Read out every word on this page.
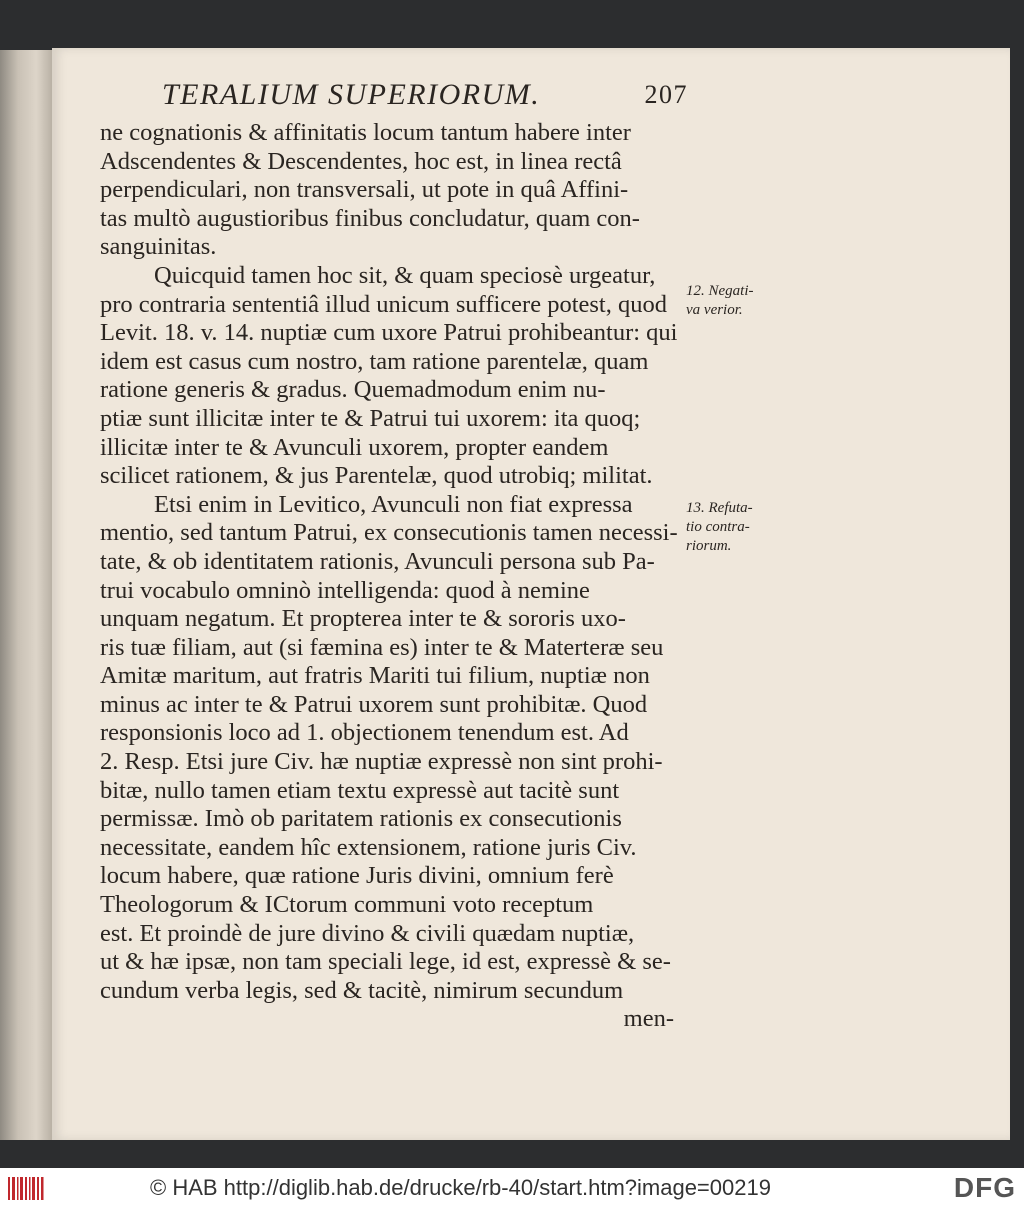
TERALIUM SUPERIORUM.	207
ne cognationis & affinitatis locum tantum habere inter
Adscendentes & Descendentes, hoc est, in linea rectâ
perpendiculari, non transversali, ut pote in quâ Affini-
tas multò augustioribus finibus concludatur, quam con-
sanguinitas.
Quicquid tamen hoc sit, & quam speciosè urgeatur,
pro contraria sententiâ illud unicum sufficere potest, quod
Levit. 18. v. 14. nuptiæ cum uxore Patrui prohibeantur: qui
idem est casus cum nostro, tam ratione parentelæ, quam
ratione generis & gradus. Quemadmodum enim nu-
ptiæ sunt illicitæ inter te & Patrui tui uxorem: ita quoq;
illicitæ inter te & Avunculi uxorem, propter eandem
scilicet rationem, & jus Parentelæ, quod utrobiq; militat.
Etsi enim in Levitico, Avunculi non fiat expressa
mentio, sed tantum Patrui, ex consecutionis tamen necessi-
tate, & ob identitatem rationis, Avunculi persona sub Pa-
trui vocabulo omninò intelligenda: quod à nemine
unquam negatum. Et propterea inter te & sororis uxo-
ris tuæ filiam, aut (si fæmina es) inter te & Materteræ seu
Amitæ maritum, aut fratris Mariti tui filium, nuptiæ non
minus ac inter te & Patrui uxorem sunt prohibitæ. Quod
responsionis loco ad 1. objectionem tenendum est. Ad
2. Resp. Etsi jure Civ. hæ nuptiæ expressè non sint prohi-
bitæ, nullo tamen etiam textu expressè aut tacitè sunt
permissæ. Imò ob paritatem rationis ex consecutionis
necessitate, eandem hîc extensionem, ratione juris Civ.
locum habere, quæ ratione Juris divini, omnium ferè
Theologorum & ICtorum communi voto receptum
est. Et proindè de jure divino & civili quædam nuptiæ,
ut & hæ ipsæ, non tam speciali lege, id est, expressè & se-
cundum verba legis, sed & tacitè, nimirum secundum
men-
12. Negati-
va verior.
13. Refuta-
tio contra-
riorum.
© HAB http://diglib.hab.de/drucke/rb-40/start.htm?image=00219	DFG
